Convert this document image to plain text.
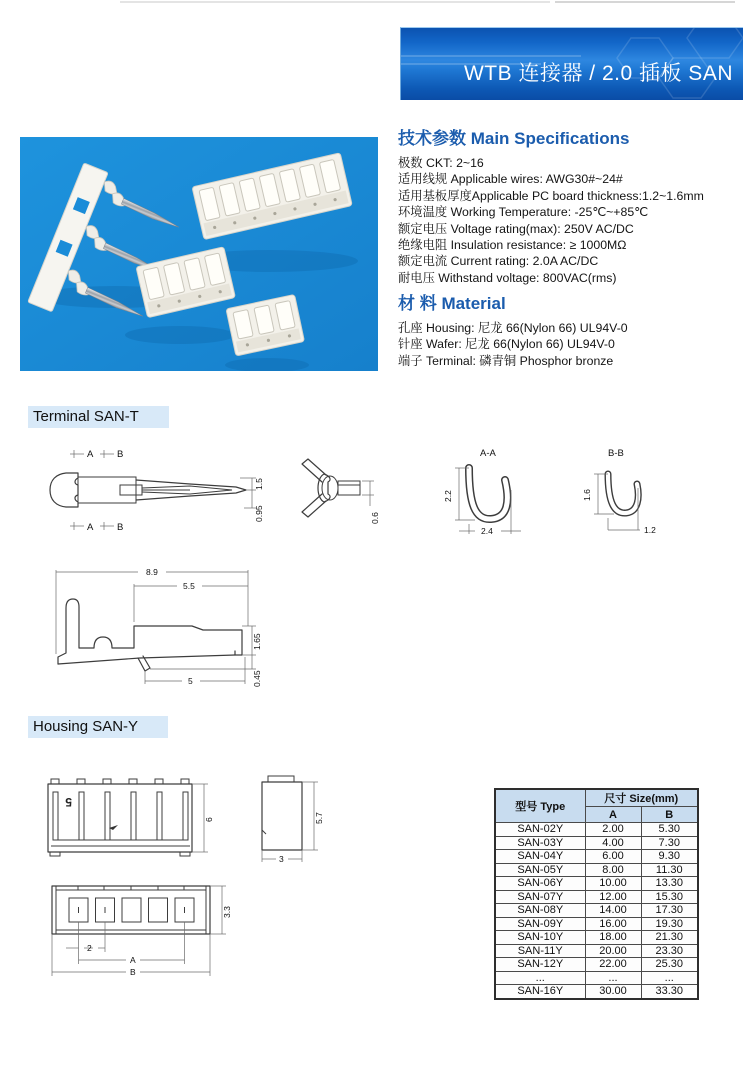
WTB 连接器 / 2.0 插板 SAN
技术参数 Main Specifications
极数 CKT: 2~16
适用线规 Applicable wires: AWG30#~24#
适用基板厚度Applicable PC board thickness:1.2~1.6mm
环境温度 Working Temperature: -25℃~+85℃
额定电压 Voltage rating(max): 250V AC/DC
绝缘电阻 Insulation resistance: ≥ 1000MΩ
额定电流 Current rating: 2.0A AC/DC
耐电压 Withstand voltage: 800VAC(rms)
材 料 Material
孔座 Housing: 尼龙 66(Nylon 66) UL94V-0
针座 Wafer: 尼龙 66(Nylon 66) UL94V-0
端子 Terminal: 磷青铜 Phosphor bronze
Terminal SAN-T
Housing SAN-Y
A B
A B
1.5
0.95	0.6
A-A
2.2
2.4
B-B
1.6
1.2
8.9
5.5
1.65
0.45
5
5
6	5.7
3
2
A
B
3.3
型号 Type	尺寸 Size(mm)	
	A	B
SAN-02Y	2.00	5.30
SAN-03Y	4.00	7.30
SAN-04Y	6.00	9.30
SAN-05Y	8.00	11.30
SAN-06Y	10.00	13.30
SAN-07Y	12.00	15.30
SAN-08Y	14.00	17.30
SAN-09Y	16.00	19.30
SAN-10Y	18.00	21.30
SAN-11Y	20.00	23.30
SAN-12Y	22.00	25.30
...	...	...
SAN-16Y	30.00	33.30
